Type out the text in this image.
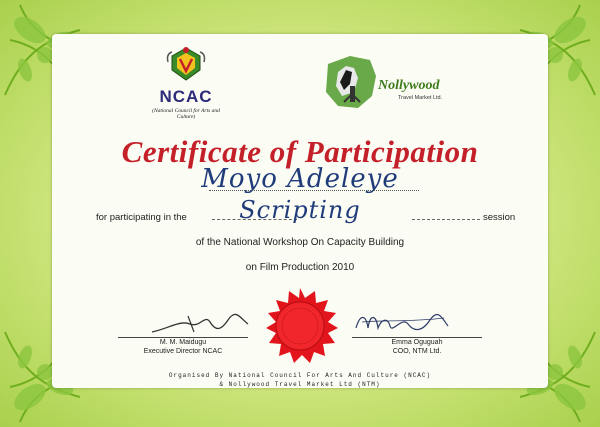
NCAC
(National Council for Arts and Culture)
Nollywood
Travel Market Ltd.
Certificate of Participation
Moyo Adeleye
for participating in the	Scripting	session
of the National Workshop On Capacity Building
on Film Production 2010
M. M. Maidugu
Executive Director NCAC
Emma Oguguah
COO, NTM Ltd.
Organised By National Council For Arts And Culture (NCAC)
& Nollywood Travel Market Ltd (NTM)
